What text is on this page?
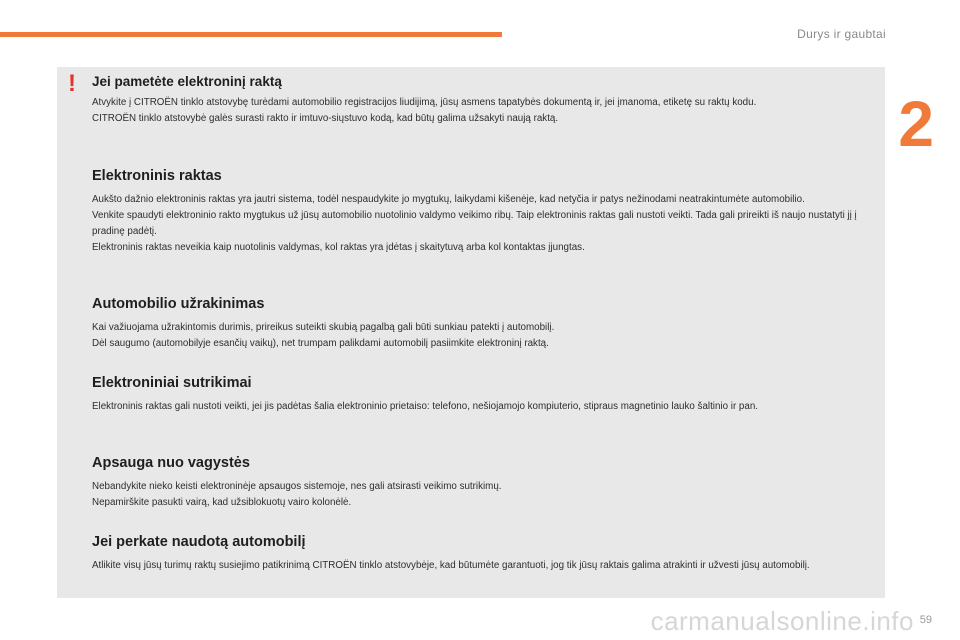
Durys ir gaubtai
2
! Jei pametėte elektroninį raktą

Atvykite į CITROËN tinklo atstovybę turėdami automobilio registracijos liudijimą, jūsų asmens tapatybės dokumentą ir, jei įmanoma, etiketę su raktų kodu.

CITROËN tinklo atstovybė galės surasti rakto ir imtuvo-siųstuvo kodą, kad būtų galima užsakyti naują raktą.

Elektroninis raktas

Aukšto dažnio elektroninis raktas yra jautri sistema, todėl nespaudykite jo mygtukų, laikydami kišenėje, kad netyčia ir patys nežinodami neatrakintumėte automobilio.

Venkite spaudyti elektroninio rakto mygtukus už jūsų automobilio nuotolinio valdymo veikimo ribų. Taip elektroninis raktas gali nustoti veikti. Tada gali prireikti iš naujo nustatyti jį į pradinę padėtį.

Elektroninis raktas neveikia kaip nuotolinis valdymas, kol raktas yra įdėtas į skaitytuvą arba kol kontaktas įjungtas.

Automobilio užrakinimas

Kai važiuojama užrakintomis durimis, prireikus suteikti skubią pagalbą gali būti sunkiau patekti į automobilį.

Dėl saugumo (automobilyje esančių vaikų), net trumpam palikdami automobilį pasiimkite elektroninį raktą.

Elektroniniai sutrikimai

Elektroninis raktas gali nustoti veikti, jei jis padėtas šalia elektroninio prietaiso: telefono, nešiojamojo kompiuterio, stipraus magnetinio lauko šaltinio ir pan.

Apsauga nuo vagystės

Nebandykite nieko keisti elektroninėje apsaugos sistemoje, nes gali atsirasti veikimo sutrikimų.

Nepamirškite pasukti vairą, kad užsiblokuotų vairo kolonėlė.

Jei perkate naudotą automobilį

Atlikite visų jūsų turimų raktų susiejimo patikrinimą CITROËN tinklo atstovybėje, kad būtumėte garantuoti, jog tik jūsų raktais galima atrakinti ir užvesti jūsų automobilį.

carmanualsonline.info 59
